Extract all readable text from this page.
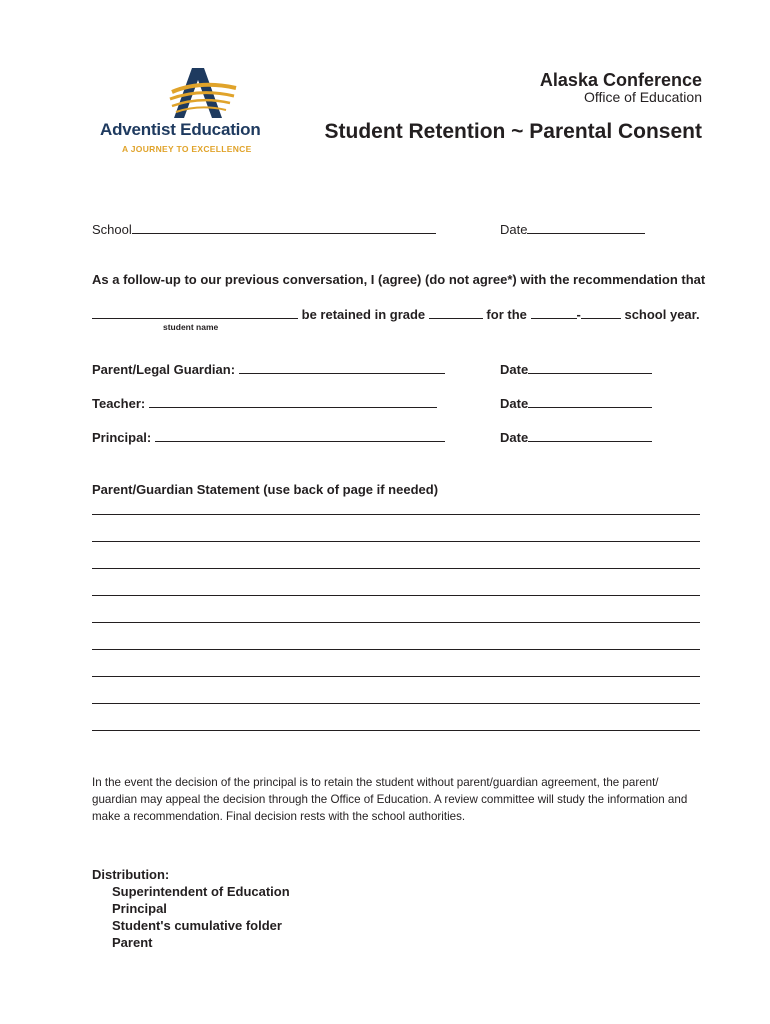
Adventist Education
A JOURNEY TO EXCELLENCE
Alaska Conference
Office of Education
Student Retention ~ Parental Consent
School	Date
As a follow-up to our previous conversation, I (agree) (do not agree*) with the recommendation that
be retained in grade	for the	-	school year.
student name
Parent/Legal Guardian:	Date
Teacher:	Date
Principal:	Date
Parent/Guardian Statement (use back of page if needed)
In the event the decision of the principal is to retain the student without parent/guardian agreement, the parent/ guardian may appeal the decision through the Office of Education. A review committee will study the information and make a recommendation. Final decision rests with the school authorities.
Distribution:
Superintendent of Education
Principal
Student's cumulative folder
Parent
